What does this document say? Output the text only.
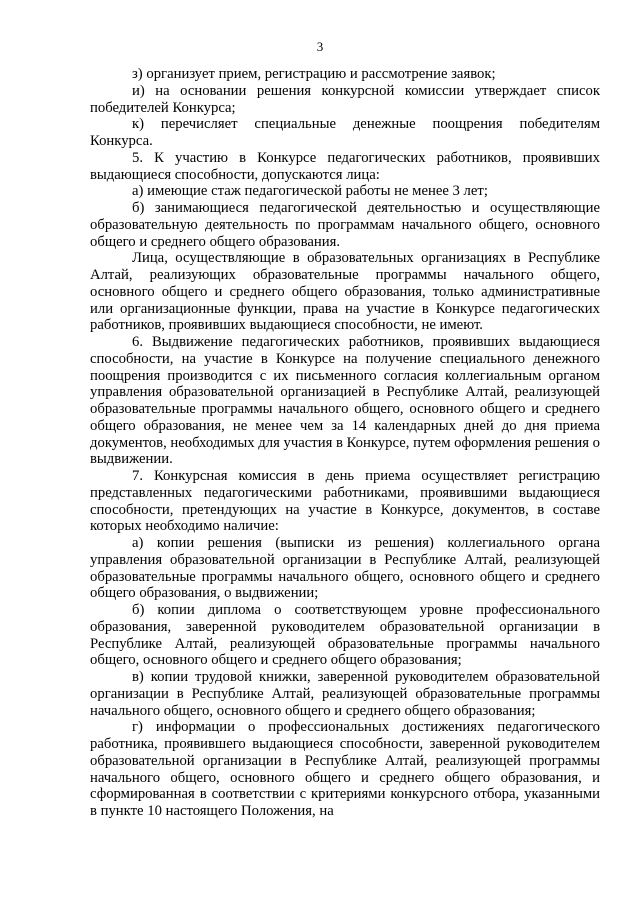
3

з) организует прием, регистрацию и рассмотрение заявок;

и) на основании решения конкурсной комиссии утверждает список победителей Конкурса;

к) перечисляет специальные денежные поощрения победителям Конкурса.

5. К участию в Конкурсе педагогических работников, проявивших выдающиеся способности, допускаются лица:

а) имеющие стаж педагогической работы не менее 3 лет;

б) занимающиеся педагогической деятельностью и осуществляющие образовательную деятельность по программам начального общего, основного общего и среднего общего образования.

Лица, осуществляющие в образовательных организациях в Республике Алтай, реализующих образовательные программы начального общего, основного общего и среднего общего образования, только административные или организационные функции, права на участие в Конкурсе педагогических работников, проявивших выдающиеся способности, не имеют.

6. Выдвижение педагогических работников, проявивших выдающиеся способности, на участие в Конкурсе на получение специального денежного поощрения производится с их письменного согласия коллегиальным органом управления образовательной организацией в Республике Алтай, реализующей образовательные программы начального общего, основного общего и среднего общего образования, не менее чем за 14 календарных дней до дня приема документов, необходимых для участия в Конкурсе, путем оформления решения о выдвижении.

7. Конкурсная комиссия в день приема осуществляет регистрацию представленных педагогическими работниками, проявившими выдающиеся способности, претендующих на участие в Конкурсе, документов, в составе которых необходимо наличие:

а) копии решения (выписки из решения) коллегиального органа управления образовательной организации в Республике Алтай, реализующей образовательные программы начального общего, основного общего и среднего общего образования, о выдвижении;

б) копии диплома о соответствующем уровне профессионального образования, заверенной руководителем образовательной организации в Республике Алтай, реализующей образовательные программы начального общего, основного общего и среднего общего образования;

в) копии трудовой книжки, заверенной руководителем образовательной организации в Республике Алтай, реализующей образовательные программы начального общего, основного общего и среднего общего образования;

г) информации о профессиональных достижениях педагогического работника, проявившего выдающиеся способности, заверенной руководителем образовательной организации в Республике Алтай, реализующей программы начального общего, основного общего и среднего общего образования, и сформированная в соответствии с критериями конкурсного отбора, указанными в пункте 10 настоящего Положения, на
